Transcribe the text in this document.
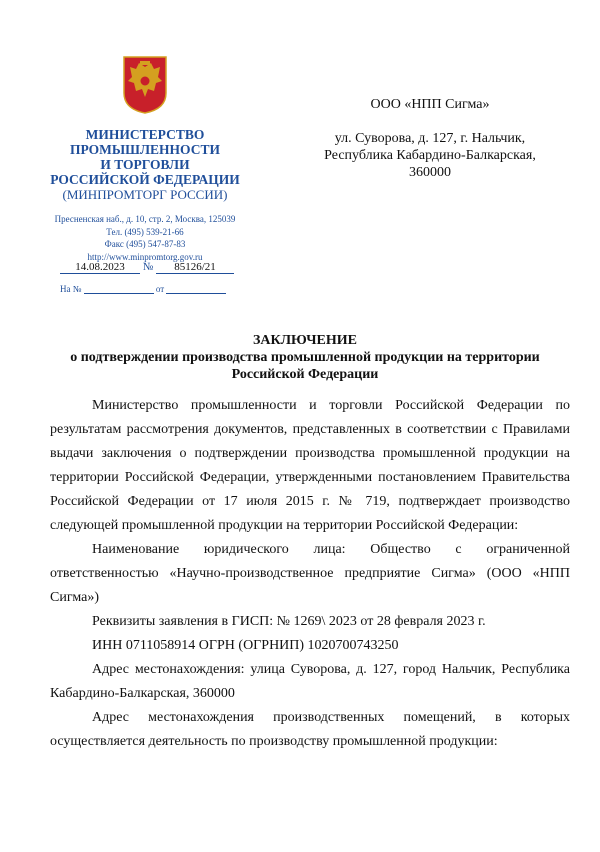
МИНИСТЕРСТВО
ПРОМЫШЛЕННОСТИ
И ТОРГОВЛИ
РОССИЙСКОЙ ФЕДЕРАЦИИ
(МИНПРОМТОРГ РОССИИ)
Пресненская наб., д. 10, стр. 2, Москва, 125039
Тел. (495) 539-21-66
Факс (495) 547-87-83
http://www.minpromtorg.gov.ru
14.08.2023 № 85126/21
На №	от
ООО «НПП Сигма»
ул. Суворова, д. 127, г. Нальчик,
Республика Кабардино-Балкарская,
360000
ЗАКЛЮЧЕНИЕ
о подтверждении производства промышленной продукции на территории
Российской Федерации

Министерство промышленности и торговли Российской Федерации по результатам рассмотрения документов, представленных в соответствии с Правилами выдачи заключения о подтверждении производства промышленной продукции на территории Российской Федерации, утвержденными постановлением Правительства Российской Федерации от 17 июля 2015 г. № 719, подтверждает производство следующей промышленной продукции на территории Российской Федерации:

Наименование юридического лица: Общество с ограниченной ответственностью «Научно-производственное предприятие Сигма» (ООО «НПП Сигма»)

Реквизиты заявления в ГИСП: № 1269\ 2023 от 28 февраля 2023 г.

ИНН 0711058914 ОГРН (ОГРНИП) 1020700743250

Адрес местонахождения: улица Суворова, д. 127, город Нальчик, Республика Кабардино-Балкарская, 360000

Адрес местонахождения производственных помещений, в которых осуществляется деятельность по производству промышленной продукции:
